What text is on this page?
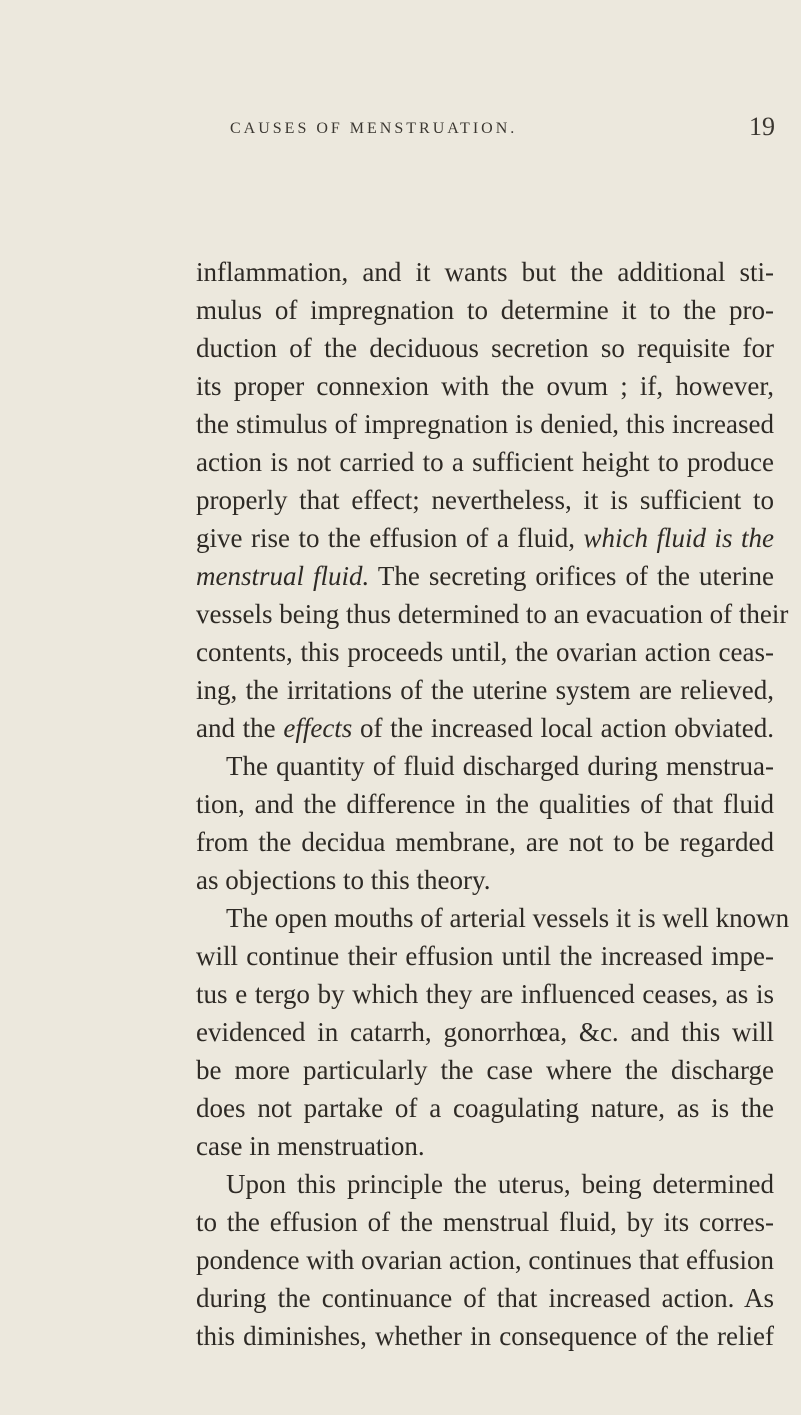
CAUSES OF MENSTRUATION.	19
inflammation, and it wants but the additional sti-
mulus of impregnation to determine it to the pro-
duction of the deciduous secretion so requisite for
its proper connexion with the ovum ; if, however,
the stimulus of impregnation is denied, this increased
action is not carried to a sufficient height to produce
properly that effect; nevertheless, it is sufficient to
give rise to the effusion of a fluid, which fluid is the
menstrual fluid. The secreting orifices of the uterine
vessels being thus determined to an evacuation of their
contents, this proceeds until, the ovarian action ceas-
ing, the irritations of the uterine system are relieved,
and the effects of the increased local action obviated.
The quantity of fluid discharged during menstrua-
tion, and the difference in the qualities of that fluid
from the decidua membrane, are not to be regarded
as objections to this theory.
The open mouths of arterial vessels it is well known
will continue their effusion until the increased impe-
tus e tergo by which they are influenced ceases, as is
evidenced in catarrh, gonorrhœa, &c. and this will
be more particularly the case where the discharge
does not partake of a coagulating nature, as is the
case in menstruation.
Upon this principle the uterus, being determined
to the effusion of the menstrual fluid, by its corres-
pondence with ovarian action, continues that effusion
during the continuance of that increased action. As
this diminishes, whether in consequence of the relief
